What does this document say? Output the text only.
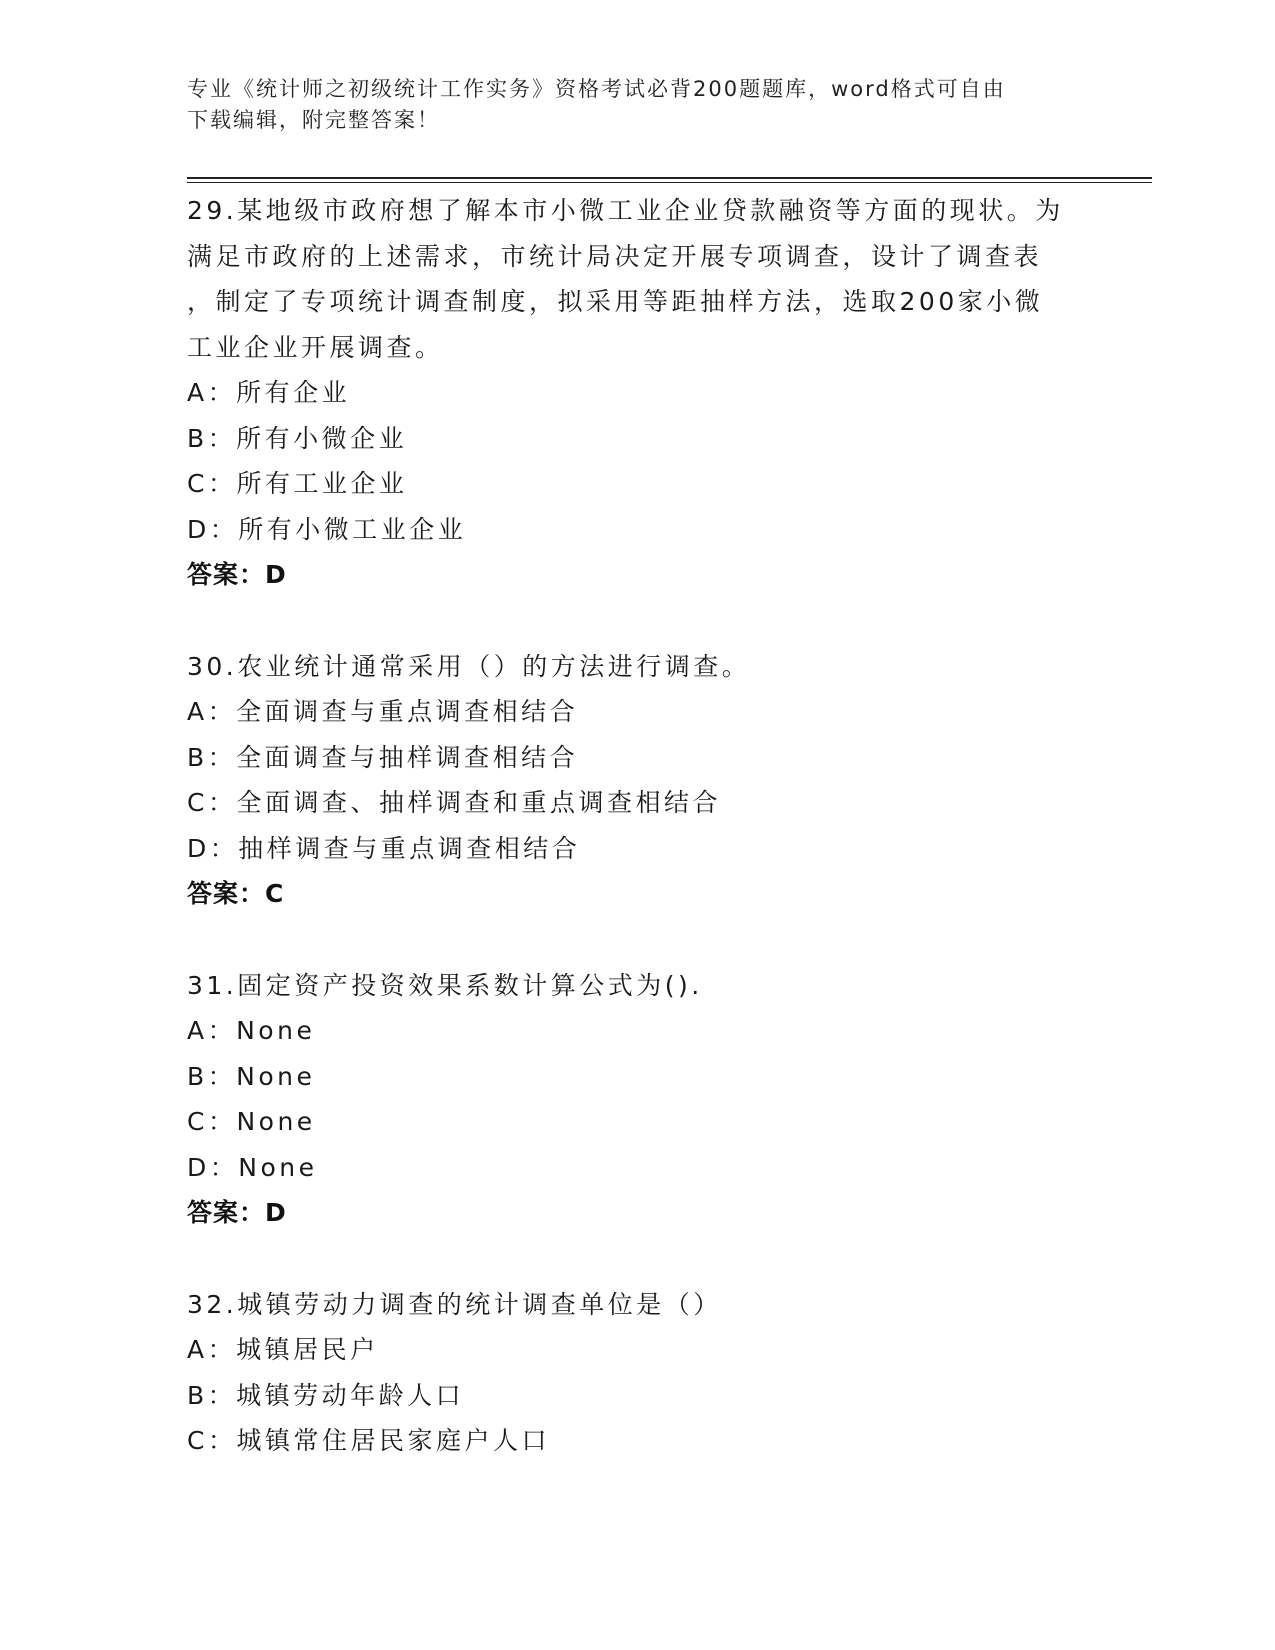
专业《统计师之初级统计工作实务》资格考试必背200题题库，word格式可自由
下载编辑，附完整答案！
29.某地级市政府想了解本市小微工业企业贷款融资等方面的现状。为
满足市政府的上述需求，市统计局决定开展专项调查，设计了调查表
，制定了专项统计调查制度，拟采用等距抽样方法，选取200家小微
工业企业开展调查。
A：所有企业
B：所有小微企业
C：所有工业企业
D：所有小微工业企业
答案：D
30.农业统计通常采用（）的方法进行调查。
A：全面调查与重点调查相结合
B：全面调查与抽样调查相结合
C：全面调查、抽样调查和重点调查相结合
D：抽样调查与重点调查相结合
答案：C
31.固定资产投资效果系数计算公式为().
A：None
B：None
C：None
D：None
答案：D
32.城镇劳动力调查的统计调查单位是（）
A：城镇居民户
B：城镇劳动年龄人口
C：城镇常住居民家庭户人口
